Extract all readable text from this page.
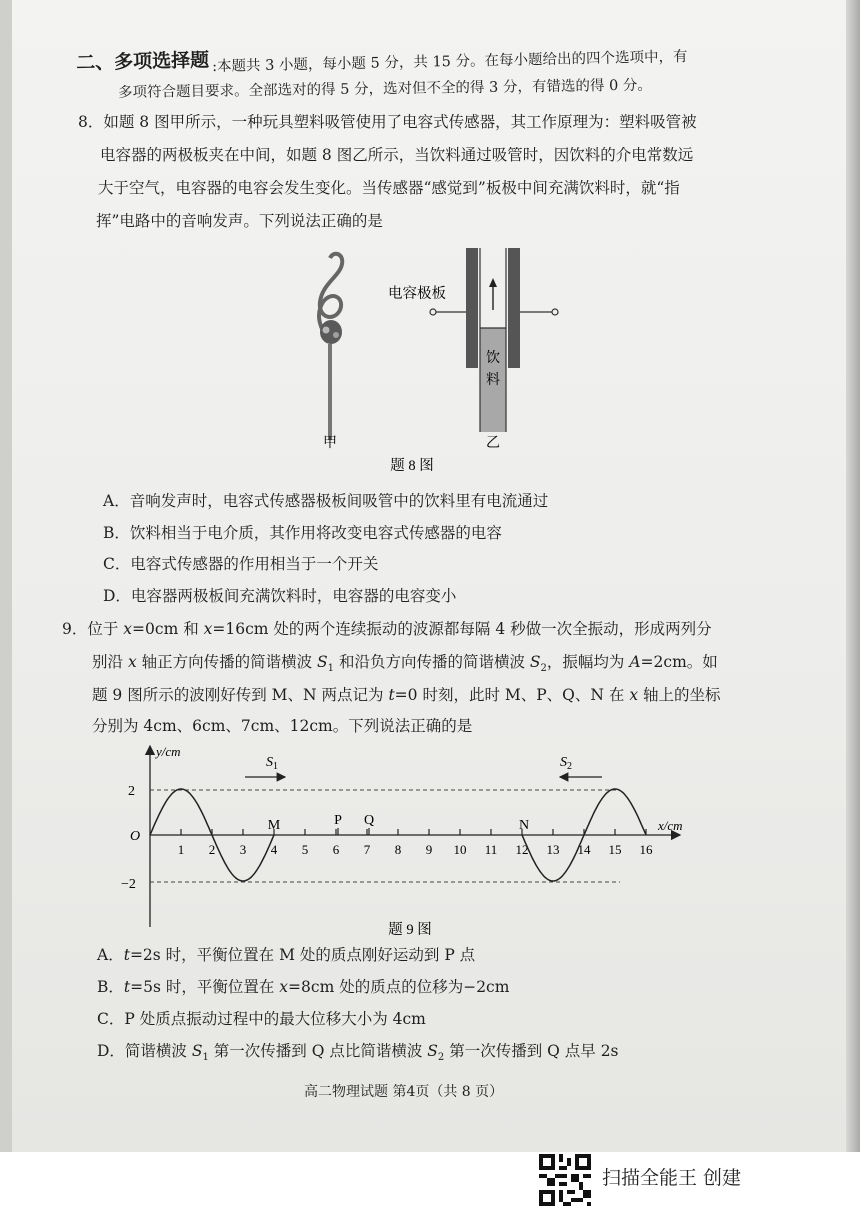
二、多项选择题 :本题共 3 小题，每小题 5 分，共 15 分。在每小题给出的四个选项中，有
多项符合题目要求。全部选对的得 5 分，选对但不全的得 3 分，有错选的得 0 分。
8．如题 8 图甲所示，一种玩具塑料吸管使用了电容式传感器，其工作原理为：塑料吸管被
电容器的两极板夹在中间，如题 8 图乙所示，当饮料通过吸管时，因饮料的介电常数远
大于空气，电容器的电容会发生变化。当传感器“感觉到”板极中间充满饮料时，就“指
挥”电路中的音响发声。下列说法正确的是
甲
电容极板
饮
料
乙
题 8 图
A．音响发声时，电容式传感器极板间吸管中的饮料里有电流通过
B．饮料相当于电介质，其作用将改变电容式传感器的电容
C．电容式传感器的作用相当于一个开关
D．电容器两极板间充满饮料时，电容器的电容变小
9．位于 x=0cm 和 x=16cm 处的两个连续振动的波源都每隔 4 秒做一次全振动，形成两列分
别沿 x 轴正方向传播的简谐横波 $S_1$ 和沿负方向传播的简谐横波 $S_2$，振幅均为 A=2cm。如
题 9 图所示的波刚好传到 M、N 两点记为 t=0 时刻，此时 M、P、Q、N 在 x 轴上的坐标
分别为 4cm、6cm、7cm、12cm。下列说法正确的是
1 2 3 4 5 6 7 8 9 10 11 12 13 14 15 16
$S_1$	$S_2$
y/cm
x/cm
O
2
−2
M	P Q	N
题 9 图
A．t=2s 时，平衡位置在 M 处的质点刚好运动到 P 点
B．t=5s 时，平衡位置在 x=8cm 处的质点的位移为−2cm
C．P 处质点振动过程中的最大位移大小为 4cm
D．简谐横波 $S_1$ 第一次传播到 Q 点比简谐横波 $S_2$ 第一次传播到 Q 点早 2s
高二物理试题 第4页（共 8 页）
扫描全能王 创建
